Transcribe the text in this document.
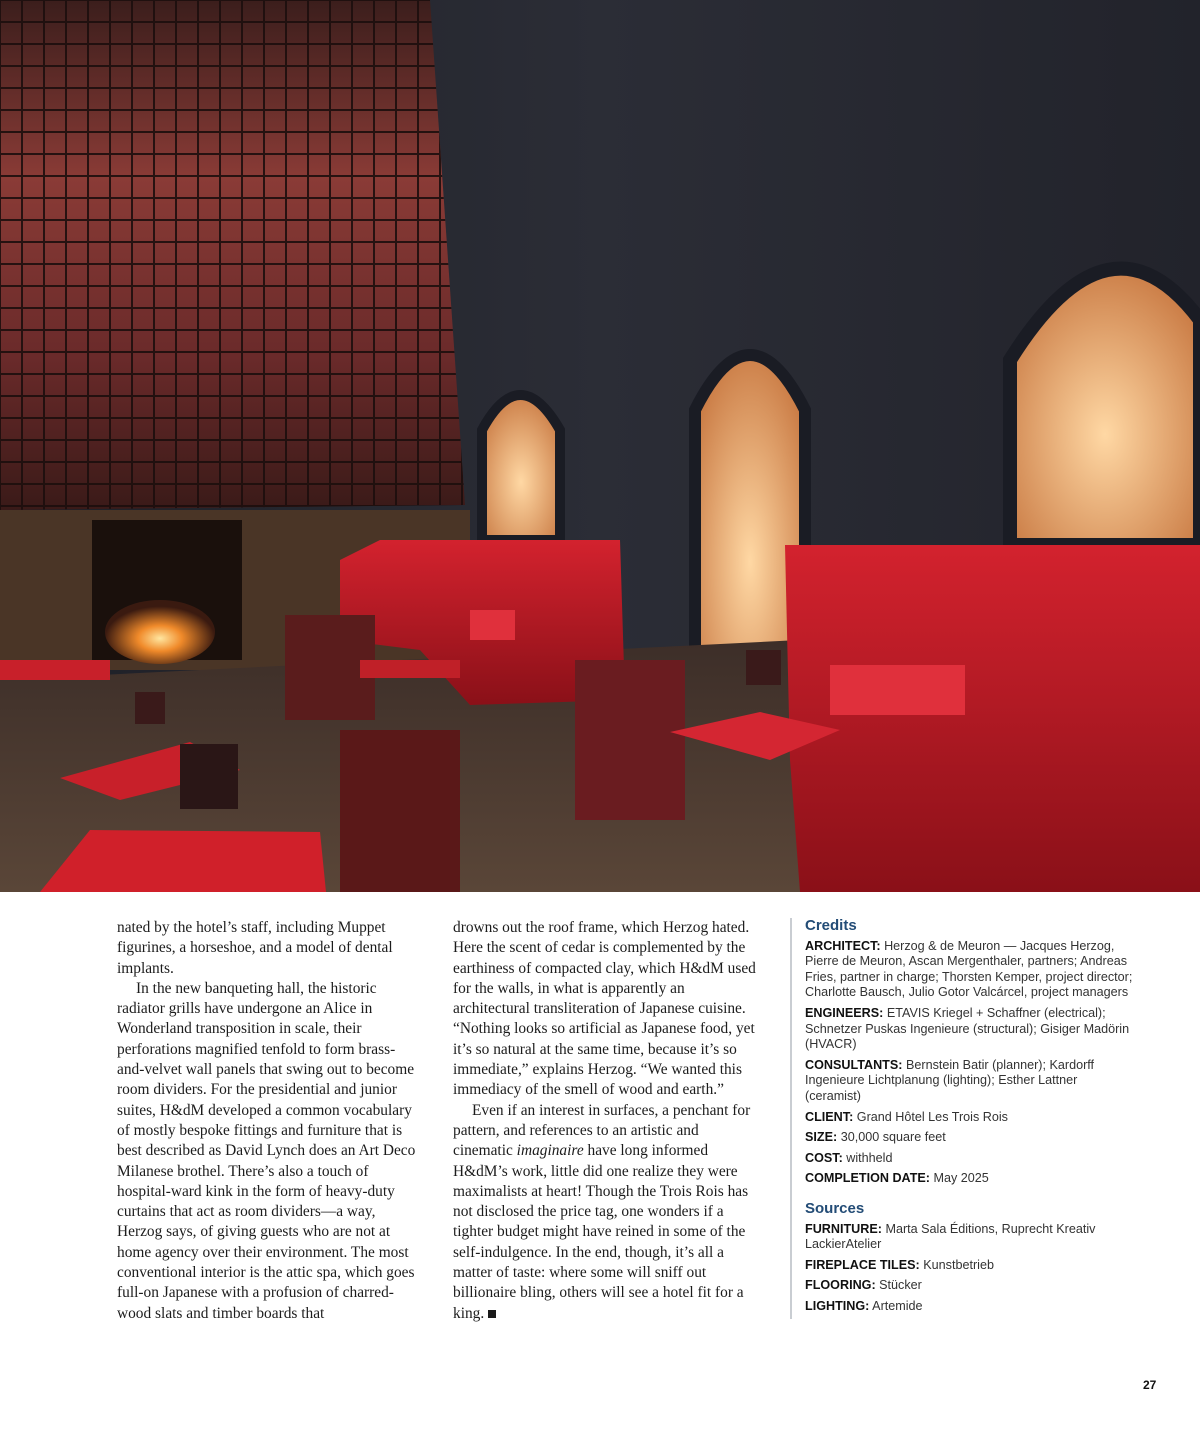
nated by the hotel’s staff, including Muppet figurines, a horseshoe, and a model of dental implants.

In the new banqueting hall, the historic radiator grills have undergone an Alice in Wonderland transposition in scale, their perforations magnified tenfold to form brass-and-velvet wall panels that swing out to become room dividers. For the presidential and junior suites, H&dM developed a common vocabulary of mostly bespoke fittings and furniture that is best described as David Lynch does an Art Deco Milanese brothel. There’s also a touch of hospital-ward kink in the form of heavy-duty curtains that act as room dividers—a way, Herzog says, of giving guests who are not at home agency over their environment. The most conventional interior is the attic spa, which goes full-on Japanese with a profusion of charred-wood slats and timber boards that

drowns out the roof frame, which Herzog hated. Here the scent of cedar is complemented by the earthiness of compacted clay, which H&dM used for the walls, in what is apparently an architectural transliteration of Japanese cuisine. “Nothing looks so artificial as Japanese food, yet it’s so natural at the same time, because it’s so immediate,” explains Herzog. “We wanted this immediacy of the smell of wood and earth.”

Even if an interest in surfaces, a penchant for pattern, and references to an artistic and cinematic imaginaire have long informed H&dM’s work, little did one realize they were maximalists at heart! Though the Trois Rois has not disclosed the price tag, one wonders if a tighter budget might have reined in some of the self-indulgence. In the end, though, it’s all a matter of taste: where some will sniff out billionaire bling, others will see a hotel fit for a king.

Credits
ARCHITECT: Herzog & de Meuron — Jacques Herzog, Pierre de Meuron, Ascan Mergenthaler, partners; Andreas Fries, partner in charge; Thorsten Kemper, project director; Charlotte Bausch, Julio Gotor Valcárcel, project managers
ENGINEERS: ETAVIS Kriegel + Schaffner (electrical); Schnetzer Puskas Ingenieure (structural); Gisiger Madörin (HVACR)
CONSULTANTS: Bernstein Batir (planner); Kardorff Ingenieure Lichtplanung (lighting); Esther Lattner (ceramist)
CLIENT: Grand Hôtel Les Trois Rois
SIZE: 30,000 square feet
COST: withheld
COMPLETION DATE: May 2025
Sources
FURNITURE: Marta Sala Éditions, Ruprecht Kreativ LackierAtelier
FIREPLACE TILES: Kunstbetrieb
FLOORING: Stücker
LIGHTING: Artemide
27
